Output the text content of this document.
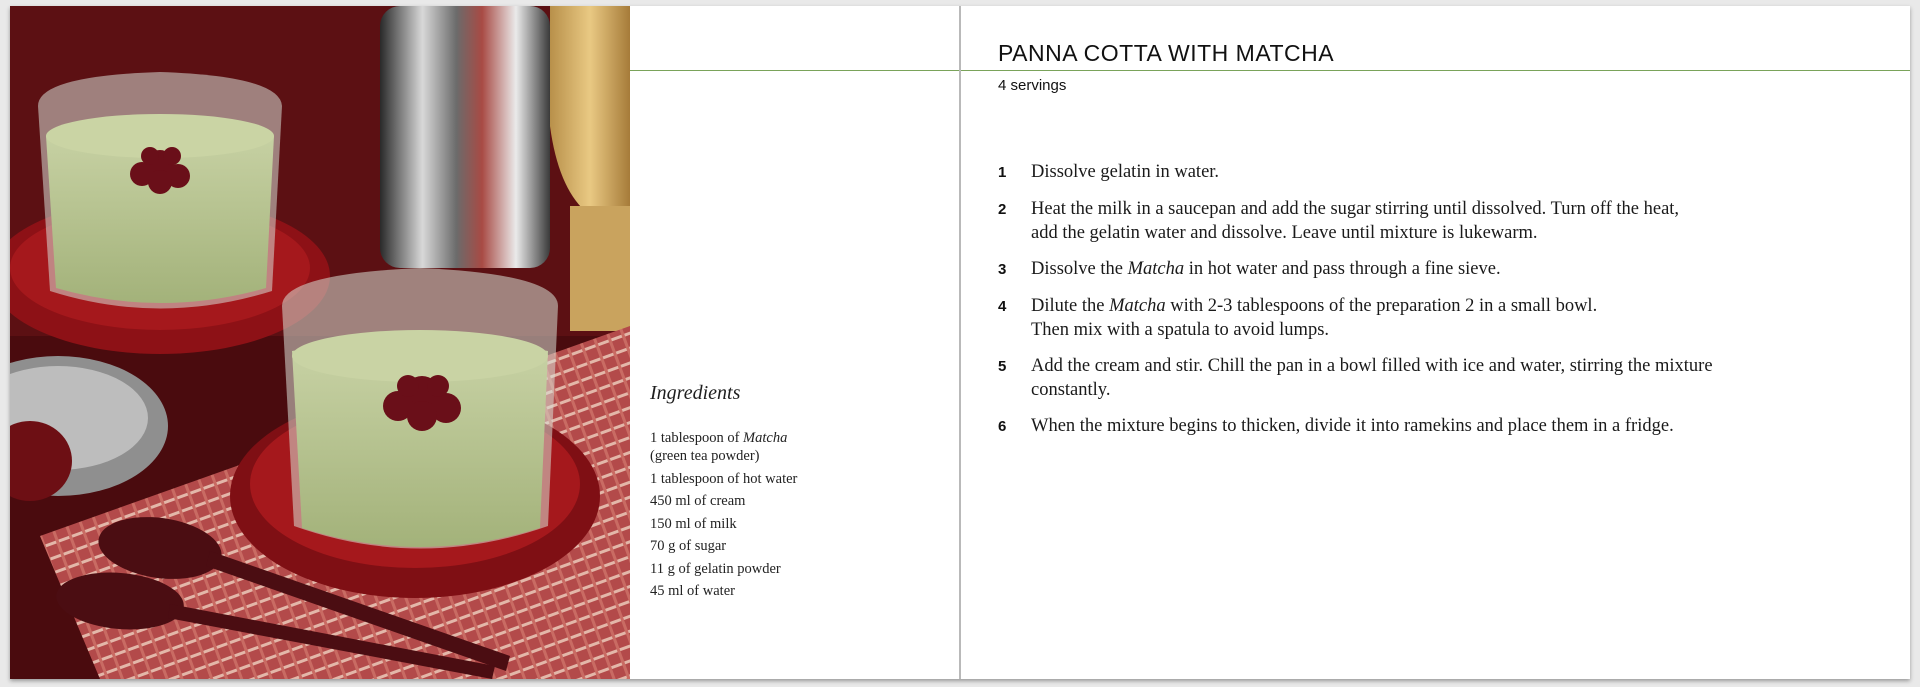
Ingredients
1 tablespoon of Matcha
(green tea powder)
1 tablespoon of hot water
450 ml of cream
150 ml of milk
70 g of sugar
11 g of gelatin powder
45 ml of water
PANNA COTTA WITH MATCHA
4 servings
1	Dissolve gelatin in water.
2	Heat the milk in a saucepan and add the sugar stirring until dissolved. Turn off the heat,
add the gelatin water and dissolve. Leave until mixture is lukewarm.
3	Dissolve the Matcha in hot water and pass through a fine sieve.
4	Dilute the Matcha with 2-3 tablespoons of the preparation 2 in a small bowl.
Then mix with a spatula to avoid lumps.
5	Add the cream and stir. Chill the pan in a bowl filled with ice and water, stirring the mixture
constantly.
6	When the mixture begins to thicken, divide it into ramekins and place them in a fridge.
